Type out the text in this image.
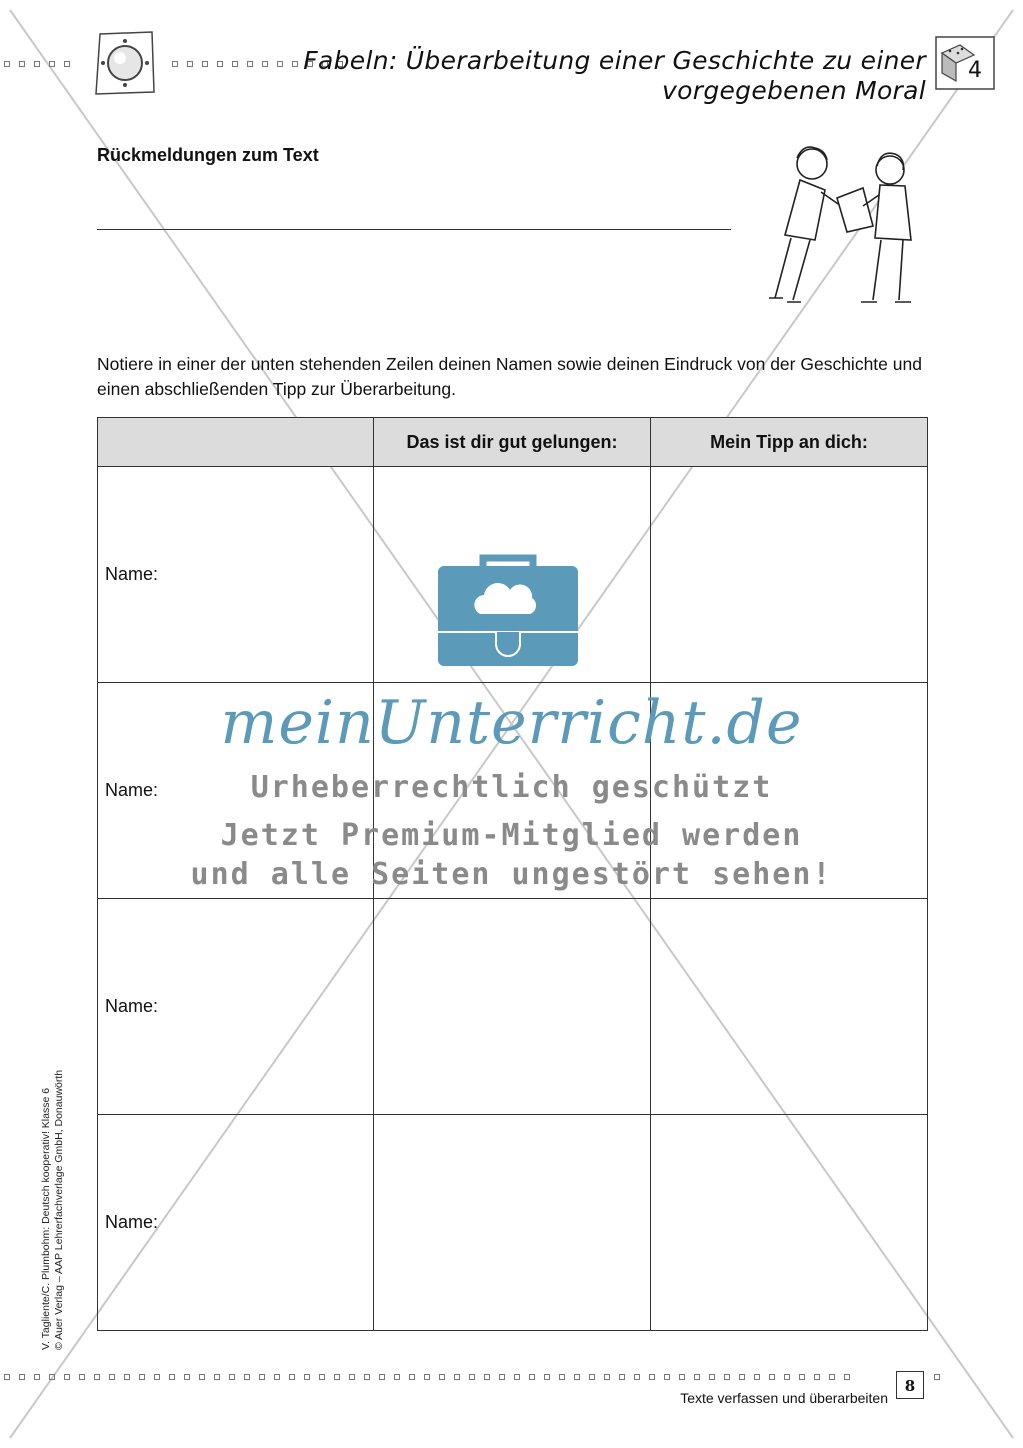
Fabeln: Überarbeitung einer Geschichte zu einer
vorgegebenen Moral
4
Rückmeldungen zum Text
Notiere in einer der unten stehenden Zeilen deinen Namen sowie deinen Eindruck von der Geschichte und einen abschließenden Tipp zur Überarbeitung.
	Das ist dir gut gelungen:	Mein Tipp an dich:
Name:		
Name:		
Name:		
Name:		
meinUnterricht.de
Urheberrechtlich geschützt
Jetzt Premium-Mitglied werden
und alle Seiten ungestört sehen!
V. Tagliente/C. Plumbohm: Deutsch kooperativ! Klasse 6 © Auer Verlag – AAP Lehrerfachverlage GmbH, Donauwörth
8
Texte verfassen und überarbeiten
